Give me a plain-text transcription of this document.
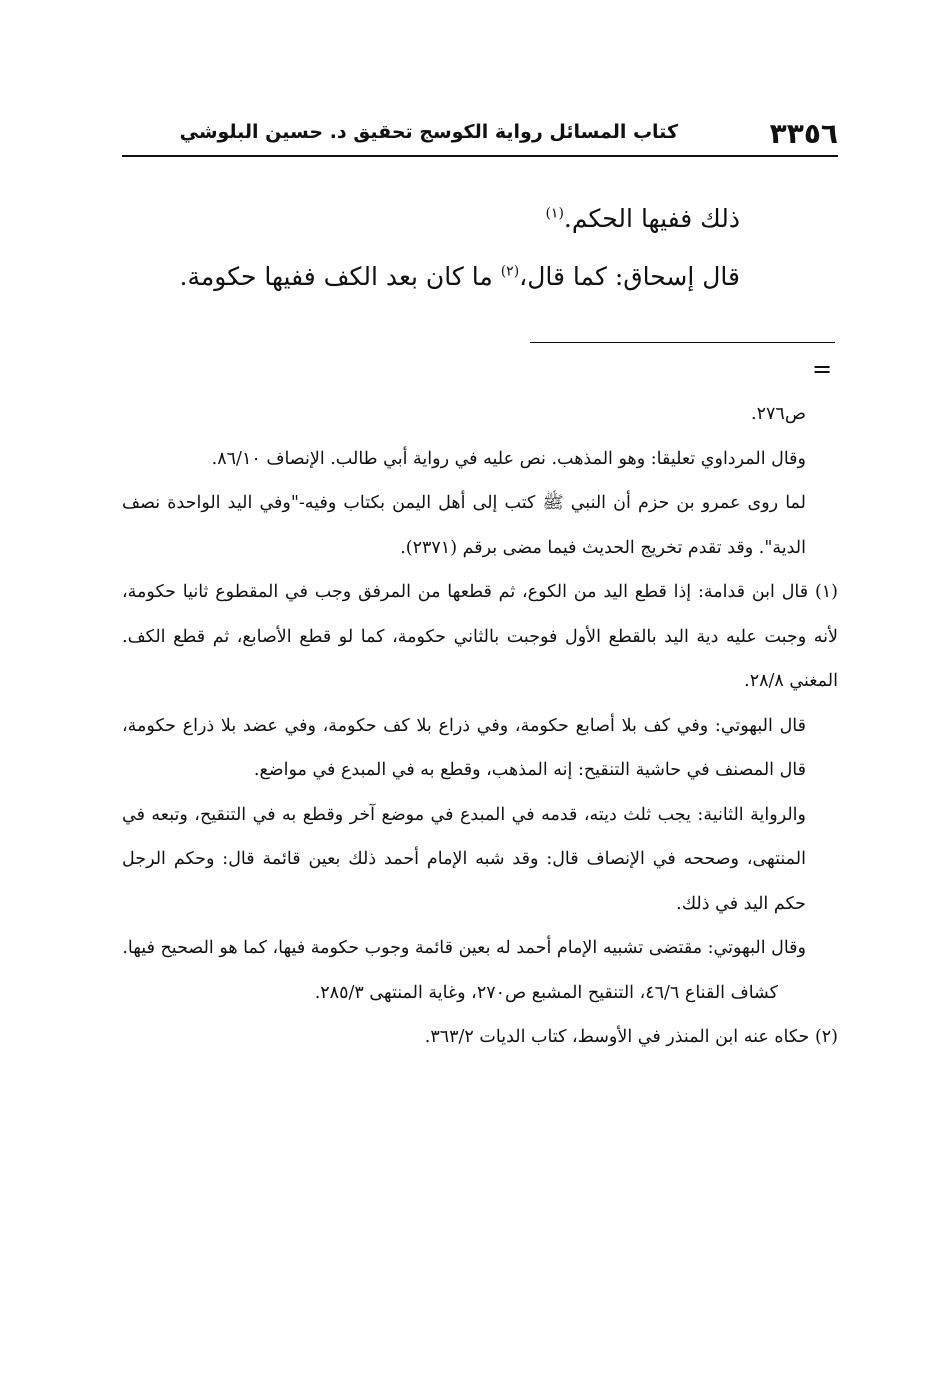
٣٣٥٦
كتاب المسائل رواية الكوسج تحقيق د. حسين البلوشي

ذلك ففيها الحكم.$^{(١)}$

قال إسحاق: كما قال،$^{(٢)}$ ما كان بعد الكف ففيها حكومة.

=

ص٢٧٦.

وقال المرداوي تعليقا: وهو المذهب. نص عليه في رواية أبي طالب. الإنصاف ٨٦/١٠.

لما روى عمرو بن حزم أن النبي ﷺ كتب إلى أهل اليمن بكتاب وفيه-"وفي اليد الواحدة نصف الدية". وقد تقدم تخريج الحديث فيما مضى برقم (٢٣٧١).

(١) قال ابن قدامة: إذا قطع اليد من الكوع، ثم قطعها من المرفق وجب في المقطوع ثانيا حكومة، لأنه وجبت عليه دية اليد بالقطع الأول فوجبت بالثاني حكومة، كما لو قطع الأصابع، ثم قطع الكف. المغني ٢٨/٨.

قال البهوتي: وفي كف بلا أصابع حكومة، وفي ذراع بلا كف حكومة، وفي عضد بلا ذراع حكومة، قال المصنف في حاشية التنقيح: إنه المذهب، وقطع به في المبدع في مواضع.

والرواية الثانية: يجب ثلث ديته، قدمه في المبدع في موضع آخر وقطع به في التنقيح، وتبعه في المنتهى، وصححه في الإنصاف قال: وقد شبه الإمام أحمد ذلك بعين قائمة قال: وحكم الرجل حكم اليد في ذلك.

وقال البهوتي: مقتضى تشبيه الإمام أحمد له بعين قائمة وجوب حكومة فيها، كما هو الصحيح فيها.

كشاف القناع ٤٦/٦، التنقيح المشبع ص٢٧٠، وغاية المنتهى ٢٨٥/٣.

(٢) حكاه عنه ابن المنذر في الأوسط، كتاب الديات ٣٦٣/٢.
